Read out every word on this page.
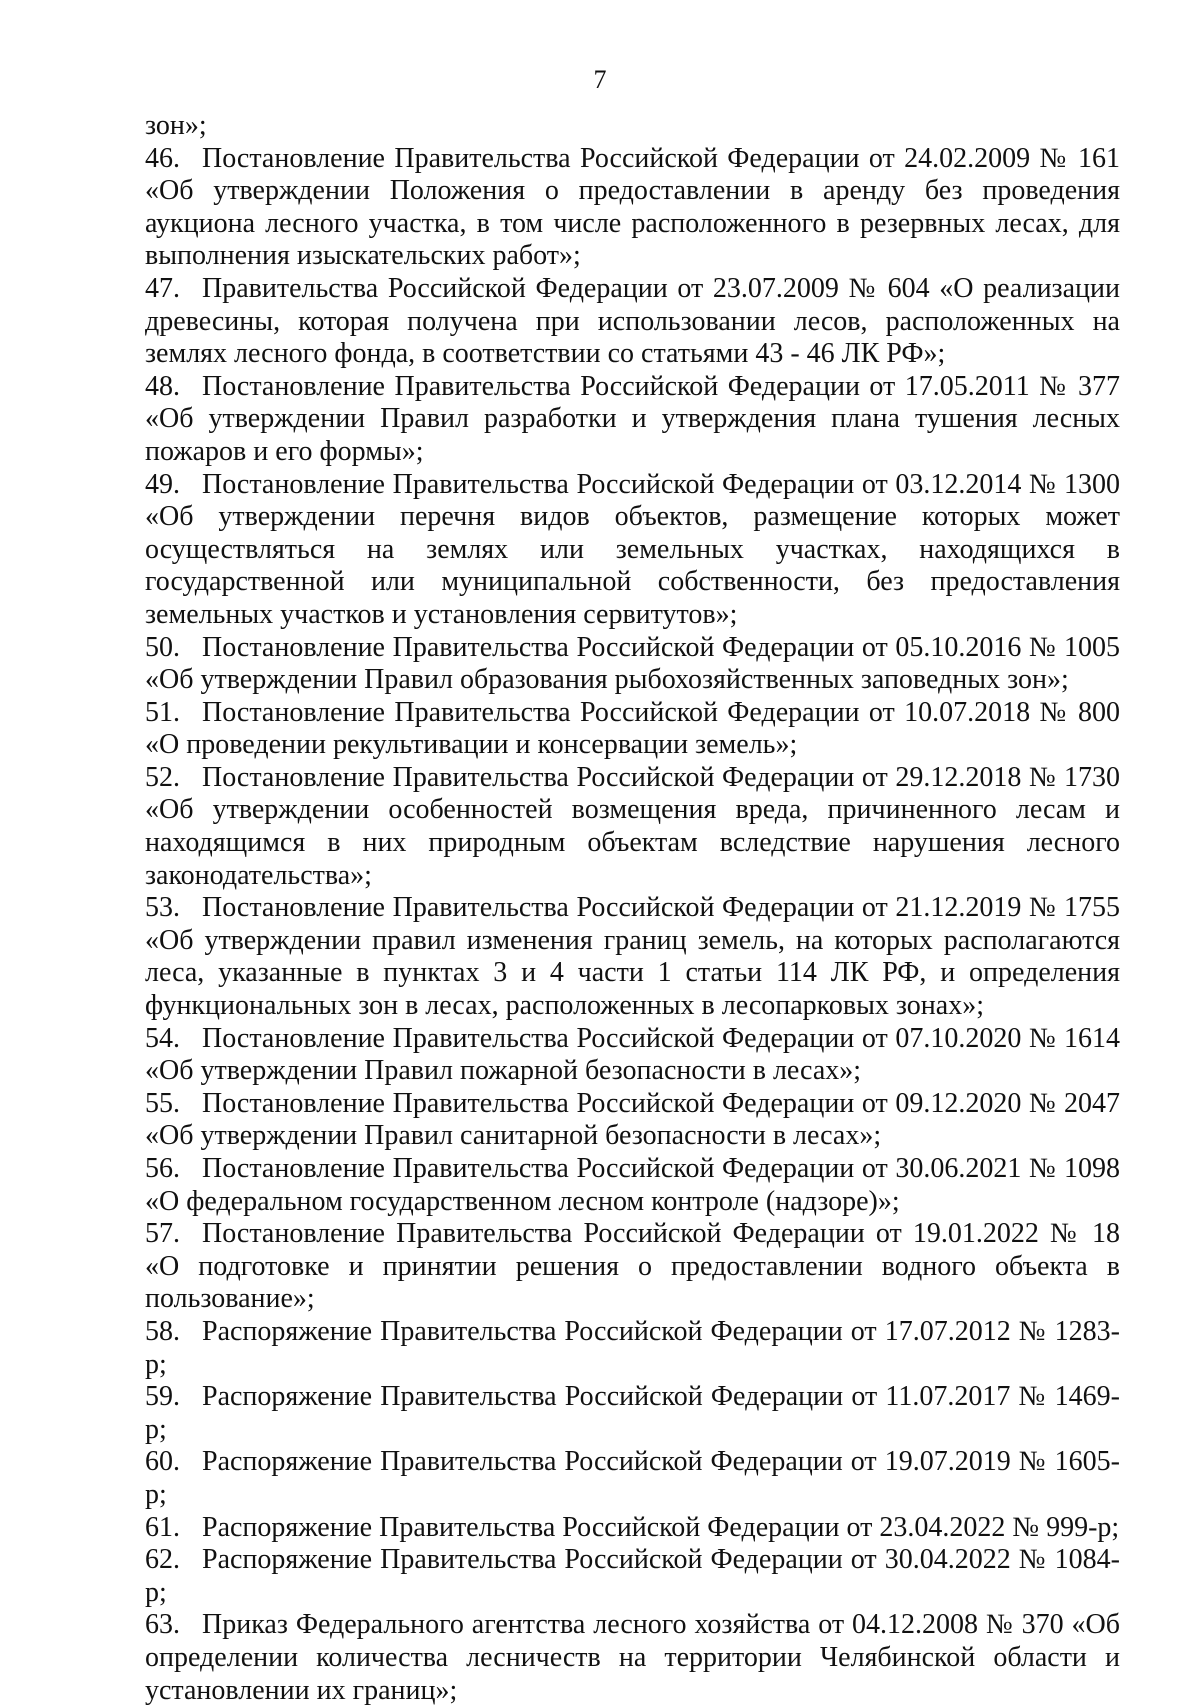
7

зон»;

46. Постановление Правительства Российской Федерации от 24.02.2009 № 161 «Об утверждении Положения о предоставлении в аренду без проведения аукциона лесного участка, в том числе расположенного в резервных лесах, для выполнения изыскательских работ»;

47. Правительства Российской Федерации от 23.07.2009 № 604 «О реализации древесины, которая получена при использовании лесов, расположенных на землях лесного фонда, в соответствии со статьями 43 - 46 ЛК РФ»;

48. Постановление Правительства Российской Федерации от 17.05.2011 № 377 «Об утверждении Правил разработки и утверждения плана тушения лесных пожаров и его формы»;

49. Постановление Правительства Российской Федерации от 03.12.2014 № 1300 «Об утверждении перечня видов объектов, размещение которых может осуществляться на землях или земельных участках, находящихся в государственной или муниципальной собственности, без предоставления земельных участков и установления сервитутов»;

50. Постановление Правительства Российской Федерации от 05.10.2016 № 1005 «Об утверждении Правил образования рыбохозяйственных заповедных зон»;

51. Постановление Правительства Российской Федерации от 10.07.2018 № 800 «О проведении рекультивации и консервации земель»;

52. Постановление Правительства Российской Федерации от 29.12.2018 № 1730 «Об утверждении особенностей возмещения вреда, причиненного лесам и находящимся в них природным объектам вследствие нарушения лесного законодательства»;

53. Постановление Правительства Российской Федерации от 21.12.2019 № 1755 «Об утверждении правил изменения границ земель, на которых располагаются леса, указанные в пунктах 3 и 4 части 1 статьи 114 ЛК РФ, и определения функциональных зон в лесах, расположенных в лесопарковых зонах»;

54. Постановление Правительства Российской Федерации от 07.10.2020 № 1614 «Об утверждении Правил пожарной безопасности в лесах»;

55. Постановление Правительства Российской Федерации от 09.12.2020 № 2047 «Об утверждении Правил санитарной безопасности в лесах»;

56. Постановление Правительства Российской Федерации от 30.06.2021 № 1098 «О федеральном государственном лесном контроле (надзоре)»;

57. Постановление Правительства Российской Федерации от 19.01.2022 № 18 «О подготовке и принятии решения о предоставлении водного объекта в пользование»;

58. Распоряжение Правительства Российской Федерации от 17.07.2012 № 1283-р;

59. Распоряжение Правительства Российской Федерации от 11.07.2017 № 1469-р;

60. Распоряжение Правительства Российской Федерации от 19.07.2019 № 1605-р;

61. Распоряжение Правительства Российской Федерации от 23.04.2022 № 999-р;

62. Распоряжение Правительства Российской Федерации от 30.04.2022 № 1084-р;

63. Приказ Федерального агентства лесного хозяйства от 04.12.2008 № 370 «Об определении количества лесничеств на территории Челябинской области и установлении их границ»;
